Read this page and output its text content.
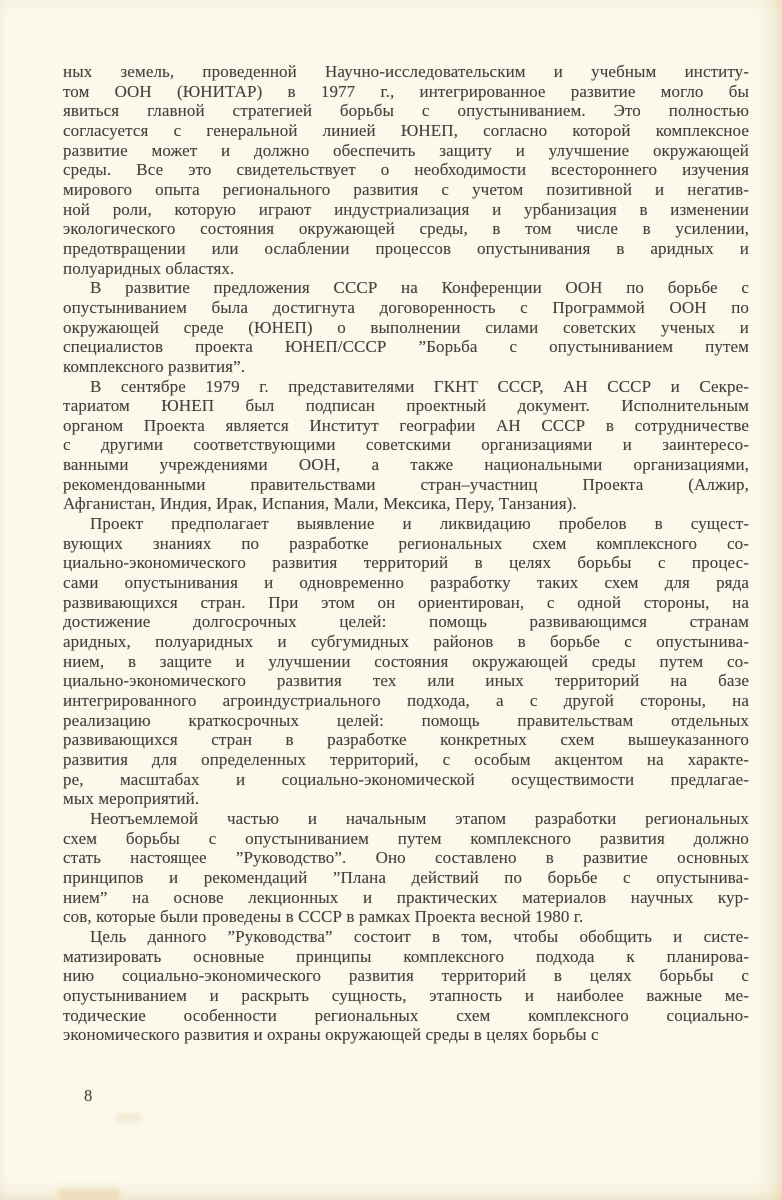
ных земель, проведенной Научно-исследовательским и учебным институ-
том ООН (ЮНИТАР) в 1977 г., интегрированное развитие могло бы
явиться главной стратегией борьбы с опустыниванием. Это полностью
согласуется с генеральной линией ЮНЕП, согласно которой комплексное
развитие может и должно обеспечить защиту и улучшение окружающей
среды. Все это свидетельствует о необходимости всестороннего изучения
мирового опыта регионального развития с учетом позитивной и негатив-
ной роли, которую играют индустриализация и урбанизация в изменении
экологического состояния окружающей среды, в том числе в усилении,
предотвращении или ослаблении процессов опустынивания в аридных и
полуаридных областях.
В развитие предложения СССР на Конференции ООН по борьбе с
опустыниванием была достигнута договоренность с Программой ООН по
окружающей среде (ЮНЕП) о выполнении силами советских ученых и
специалистов проекта ЮНЕП/СССР ”Борьба с опустыниванием путем
комплексного развития”.
В сентябре 1979 г. представителями ГКНТ СССР, АН СССР и Секре-
тариатом ЮНЕП был подписан проектный документ. Исполнительным
органом Проекта является Институт географии АН СССР в сотрудничестве
с другими соответствующими советскими организациями и заинтересо-
ванными учреждениями ООН, а также национальными организациями,
рекомендованными правительствами стран–участниц Проекта (Алжир,
Афганистан, Индия, Ирак, Испания, Мали, Мексика, Перу, Танзания).
Проект предполагает выявление и ликвидацию пробелов в сущест-
вующих знаниях по разработке региональных схем комплексного со-
циально-экономического развития территорий в целях борьбы с процес-
сами опустынивания и одновременно разработку таких схем для ряда
развивающихся стран. При этом он ориентирован, с одной стороны, на
достижение долгосрочных целей: помощь развивающимся странам
аридных, полуаридных и субгумидных районов в борьбе с опустынива-
нием, в защите и улучшении состояния окружающей среды путем со-
циально-экономического развития тех или иных территорий на базе
интегрированного агроиндустриального подхода, а с другой стороны, на
реализацию краткосрочных целей: помощь правительствам отдельных
развивающихся стран в разработке конкретных схем вышеуказанного
развития для определенных территорий, с особым акцентом на характе-
ре, масштабах и социально-экономической осуществимости предлагае-
мых мероприятий.
Неотъемлемой частью и начальным этапом разработки региональных
схем борьбы с опустыниванием путем комплексного развития должно
стать настоящее ”Руководство”. Оно составлено в развитие основных
принципов и рекомендаций ”Плана действий по борьбе с опустынива-
нием” на основе лекционных и практических материалов научных кур-
сов, которые были проведены в СССР в рамках Проекта весной 1980 г.
Цель данного ”Руководства” состоит в том, чтобы обобщить и систе-
матизировать основные принципы комплексного подхода к планирова-
нию социально-экономического развития территорий в целях борьбы с
опустыниванием и раскрыть сущность, этапность и наиболее важные ме-
тодические особенности региональных схем комплексного социально-
экономического развития и охраны окружающей среды в целях борьбы с
8
